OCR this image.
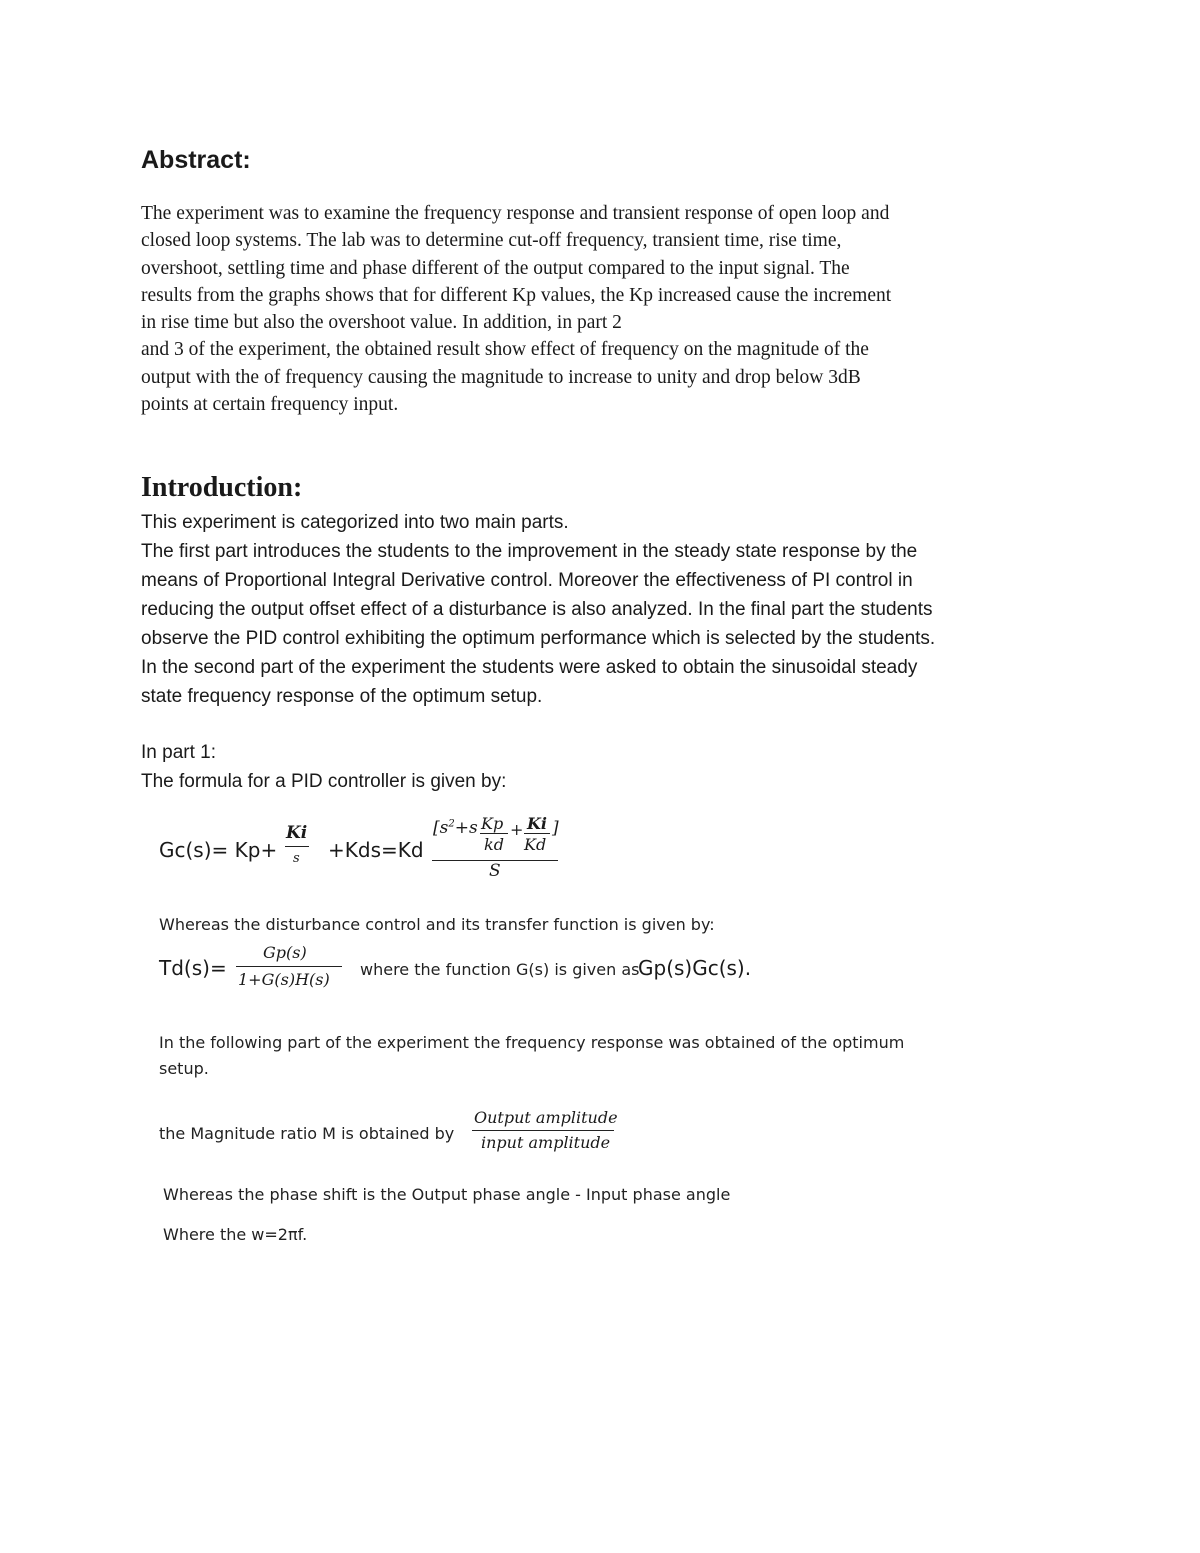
Abstract:
The experiment was to examine the frequency response and transient response of open loop and
closed loop systems. The lab was to determine cut-off frequency, transient time, rise time,
overshoot, settling time and phase different of the output compared to the input signal. The
results from the graphs shows that for different Kp values, the Kp increased cause the increment
in rise time but also the overshoot value. In addition, in part 2
and 3 of the experiment, the obtained result show effect of frequency on the magnitude of the
output with the of frequency causing the magnitude to increase to unity and drop below 3dB
points at certain frequency input.
Introduction:
This experiment is categorized into two main parts.
The first part introduces the students to the improvement in the steady state response by the
means of Proportional Integral Derivative control. Moreover the effectiveness of PI control in
reducing the output offset effect of a disturbance is also analyzed. In the final part the students
observe the PID control exhibiting the optimum performance which is selected by the students.
In the second part of the experiment the students were asked to obtain the sinusoidal steady
state frequency response of the optimum setup.

In part 1:

The formula for a PID controller is given by:

Gc(s)= Kp+
Ki
s +Kds=Kd
[$s^2+s$ Kp
kd
+ Ki
Kd
]
S
Whereas the disturbance control and its transfer function is given by:
Td(s)=
Gp(s)
1+G(s)H(s)
where the function G(s) is given as
Gp(s)Gc(s).
In the following part of the experiment the frequency response was obtained of the optimum
setup.
the Magnitude ratio M is obtained by
Output amplitude
input amplitude
Whereas the phase shift is the Output phase angle - Input phase angle
Where the w=2πf.
